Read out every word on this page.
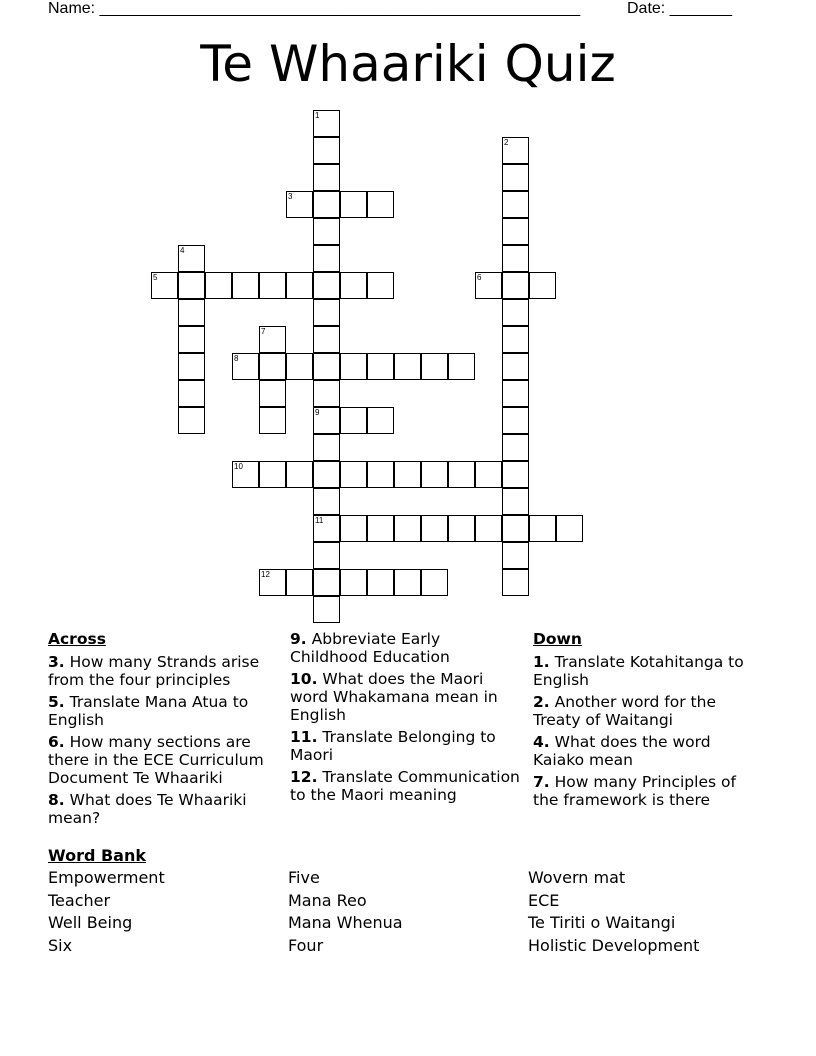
Name: ______________________________________________________	Date: _______
Te Whaariki Quiz
1
2
3
4
5	6
7
8
9
10
11
12
Across
3. How many Strands arise from the four principles
5. Translate Mana Atua to English
6. How many sections are there in the ECE Curriculum Document Te Whaariki
8. What does Te Whaariki mean?
9. Abbreviate Early Childhood Education
10. What does the Maori word Whakamana mean in English
11. Translate Belonging to Maori
12. Translate Communication to the Maori meaning
Down
1. Translate Kotahitanga to English
2. Another word for the Treaty of Waitangi
4. What does the word Kaiako mean
7. How many Principles of the framework is there
Word Bank
Empowerment	Five	Wovern mat
Teacher	Mana Reo	ECE
Well Being	Mana Whenua	Te Tiriti o Waitangi
Six	Four	Holistic Development
